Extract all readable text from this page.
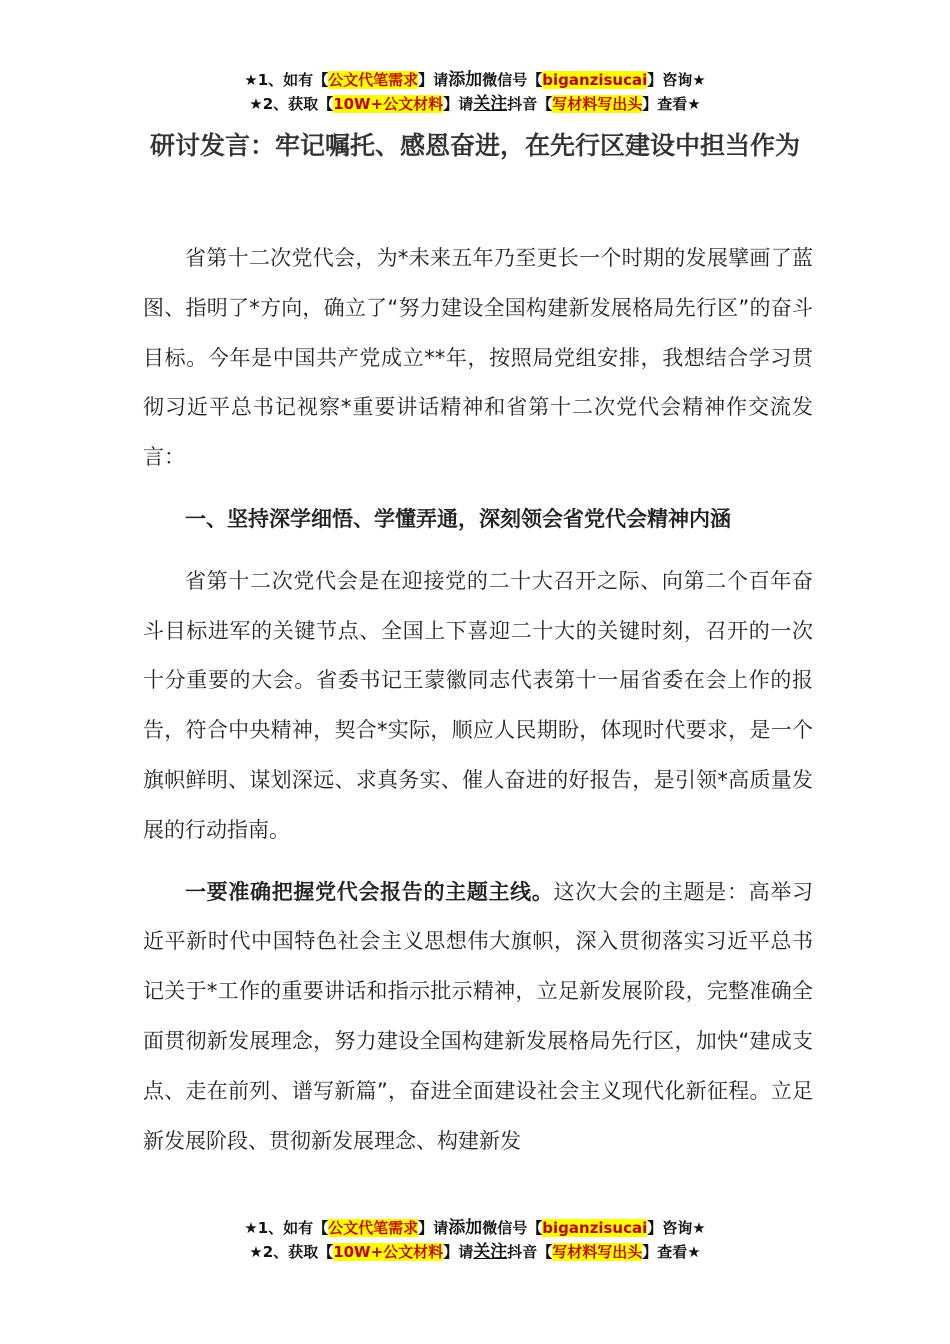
★1、如有【公文代笔需求】请添加微信号【biganzisucai】咨询★
★2、获取【10W+公文材料】请关注抖音【写材料写出头】查看★
研讨发言：牢记嘱托、感恩奋进，在先行区建设中担当作为

省第十二次党代会，为*未来五年乃至更长一个时期的发展擘画了蓝图、指明了*方向，确立了“努力建设全国构建新发展格局先行区”的奋斗目标。今年是中国共产党成立**年，按照局党组安排，我想结合学习贯彻习近平总书记视察*重要讲话精神和省第十二次党代会精神作交流发言：

一、坚持深学细悟、学懂弄通，深刻领会省党代会精神内涵

省第十二次党代会是在迎接党的二十大召开之际、向第二个百年奋斗目标进军的关键节点、全国上下喜迎二十大的关键时刻，召开的一次十分重要的大会。省委书记王蒙徽同志代表第十一届省委在会上作的报告，符合中央精神，契合*实际，顺应人民期盼，体现时代要求，是一个旗帜鲜明、谋划深远、求真务实、催人奋进的好报告，是引领*高质量发展的行动指南。

一要准确把握党代会报告的主题主线。这次大会的主题是：高举习近平新时代中国特色社会主义思想伟大旗帜，深入贯彻落实习近平总书记关于*工作的重要讲话和指示批示精神，立足新发展阶段，完整准确全面贯彻新发展理念，努力建设全国构建新发展格局先行区，加快“建成支点、走在前列、谱写新篇”，奋进全面建设社会主义现代化新征程。立足新发展阶段、贯彻新发展理念、构建新发

★1、如有【公文代笔需求】请添加微信号【biganzisucai】咨询★
★2、获取【10W+公文材料】请关注抖音【写材料写出头】查看★
